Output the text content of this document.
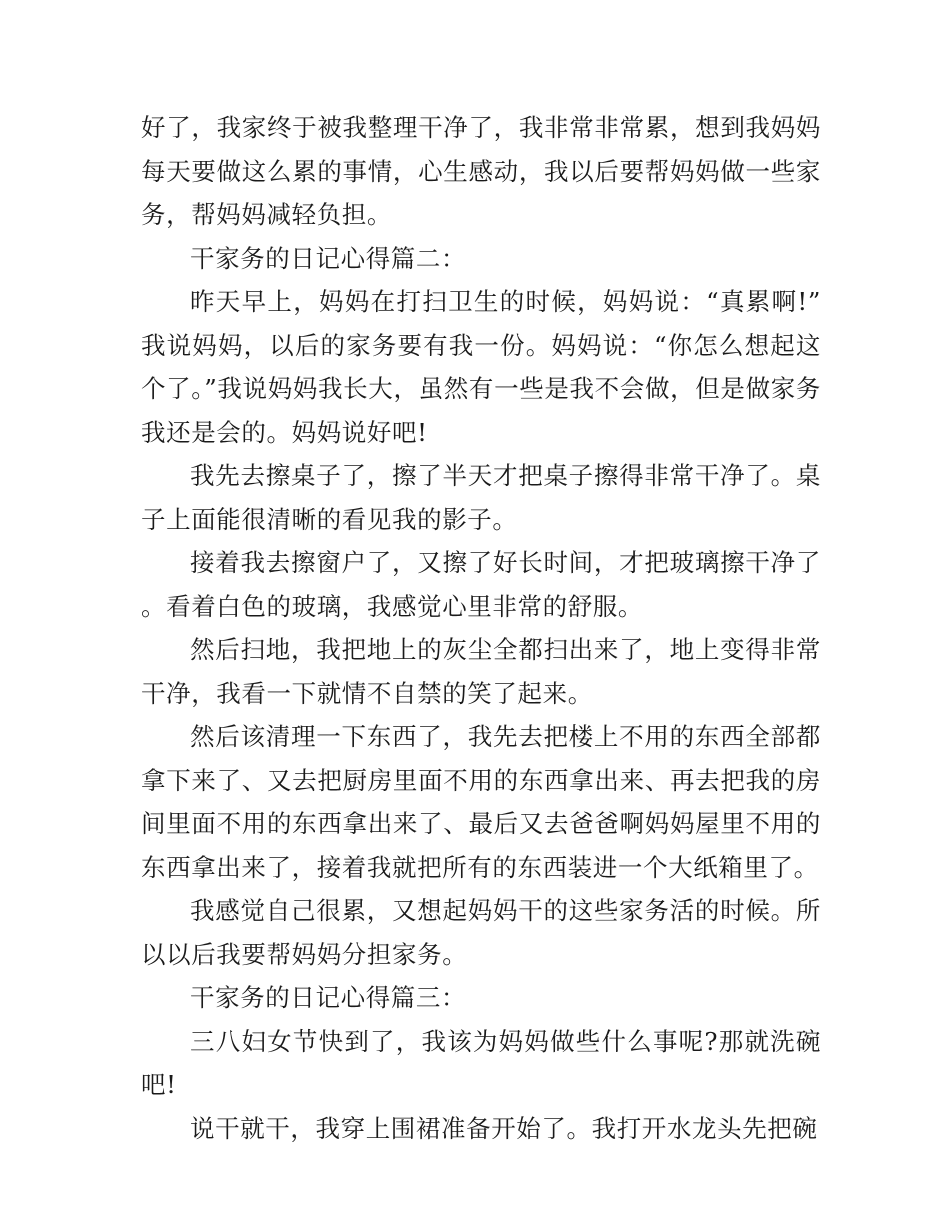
好了，我家终于被我整理干净了，我非常非常累，想到我妈妈每天要做这么累的事情，心生感动，我以后要帮妈妈做一些家务，帮妈妈减轻负担。

干家务的日记心得篇二：

昨天早上，妈妈在打扫卫生的时候，妈妈说：“真累啊!”我说妈妈，以后的家务要有我一份。妈妈说：“你怎么想起这个了。”我说妈妈我长大，虽然有一些是我不会做，但是做家务我还是会的。妈妈说好吧!

我先去擦桌子了，擦了半天才把桌子擦得非常干净了。桌子上面能很清晰的看见我的影子。

接着我去擦窗户了，又擦了好长时间，才把玻璃擦干净了。看着白色的玻璃，我感觉心里非常的舒服。

然后扫地，我把地上的灰尘全都扫出来了，地上变得非常干净，我看一下就情不自禁的笑了起来。

然后该清理一下东西了，我先去把楼上不用的东西全部都拿下来了、又去把厨房里面不用的东西拿出来、再去把我的房间里面不用的东西拿出来了、最后又去爸爸啊妈妈屋里不用的东西拿出来了，接着我就把所有的东西装进一个大纸箱里了。

我感觉自己很累，又想起妈妈干的这些家务活的时候。所以以后我要帮妈妈分担家务。

干家务的日记心得篇三：

三八妇女节快到了，我该为妈妈做些什么事呢?那就洗碗吧!

说干就干，我穿上围裙准备开始了。我打开水龙头先把碗
